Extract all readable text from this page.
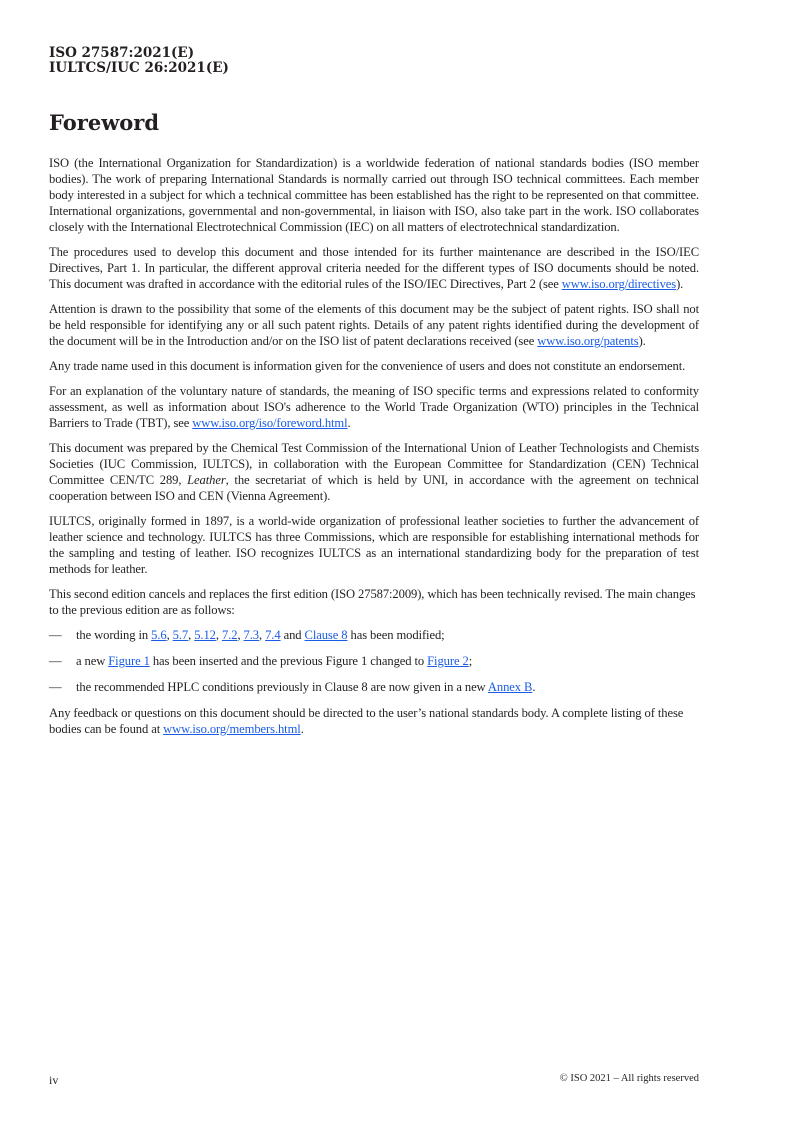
ISO 27587:2021(E)
IULTCS/IUC 26:2021(E)
Foreword

ISO (the International Organization for Standardization) is a worldwide federation of national standards bodies (ISO member bodies). The work of preparing International Standards is normally carried out through ISO technical committees. Each member body interested in a subject for which a technical committee has been established has the right to be represented on that committee. International organizations, governmental and non-governmental, in liaison with ISO, also take part in the work. ISO collaborates closely with the International Electrotechnical Commission (IEC) on all matters of electrotechnical standardization.

The procedures used to develop this document and those intended for its further maintenance are described in the ISO/IEC Directives, Part 1. In particular, the different approval criteria needed for the different types of ISO documents should be noted. This document was drafted in accordance with the editorial rules of the ISO/IEC Directives, Part 2 (see www.iso.org/directives).

Attention is drawn to the possibility that some of the elements of this document may be the subject of patent rights. ISO shall not be held responsible for identifying any or all such patent rights. Details of any patent rights identified during the development of the document will be in the Introduction and/or on the ISO list of patent declarations received (see www.iso.org/patents).

Any trade name used in this document is information given for the convenience of users and does not constitute an endorsement.

For an explanation of the voluntary nature of standards, the meaning of ISO specific terms and expressions related to conformity assessment, as well as information about ISO's adherence to the World Trade Organization (WTO) principles in the Technical Barriers to Trade (TBT), see www.iso.org/iso/foreword.html.

This document was prepared by the Chemical Test Commission of the International Union of Leather Technologists and Chemists Societies (IUC Commission, IULTCS), in collaboration with the European Committee for Standardization (CEN) Technical Committee CEN/TC 289, Leather, the secretariat of which is held by UNI, in accordance with the agreement on technical cooperation between ISO and CEN (Vienna Agreement).

IULTCS, originally formed in 1897, is a world-wide organization of professional leather societies to further the advancement of leather science and technology. IULTCS has three Commissions, which are responsible for establishing international methods for the sampling and testing of leather. ISO recognizes IULTCS as an international standardizing body for the preparation of test methods for leather.

This second edition cancels and replaces the first edition (ISO 27587:2009), which has been technically revised. The main changes to the previous edition are as follows:

—	the wording in 5.6, 5.7, 5.12, 7.2, 7.3, 7.4 and Clause 8 has been modified;
—	a new Figure 1 has been inserted and the previous Figure 1 changed to Figure 2;
—	the recommended HPLC conditions previously in Clause 8 are now given in a new Annex B.

Any feedback or questions on this document should be directed to the user’s national standards body. A complete listing of these bodies can be found at www.iso.org/members.html.

iv	© ISO 2021 – All rights reserved
